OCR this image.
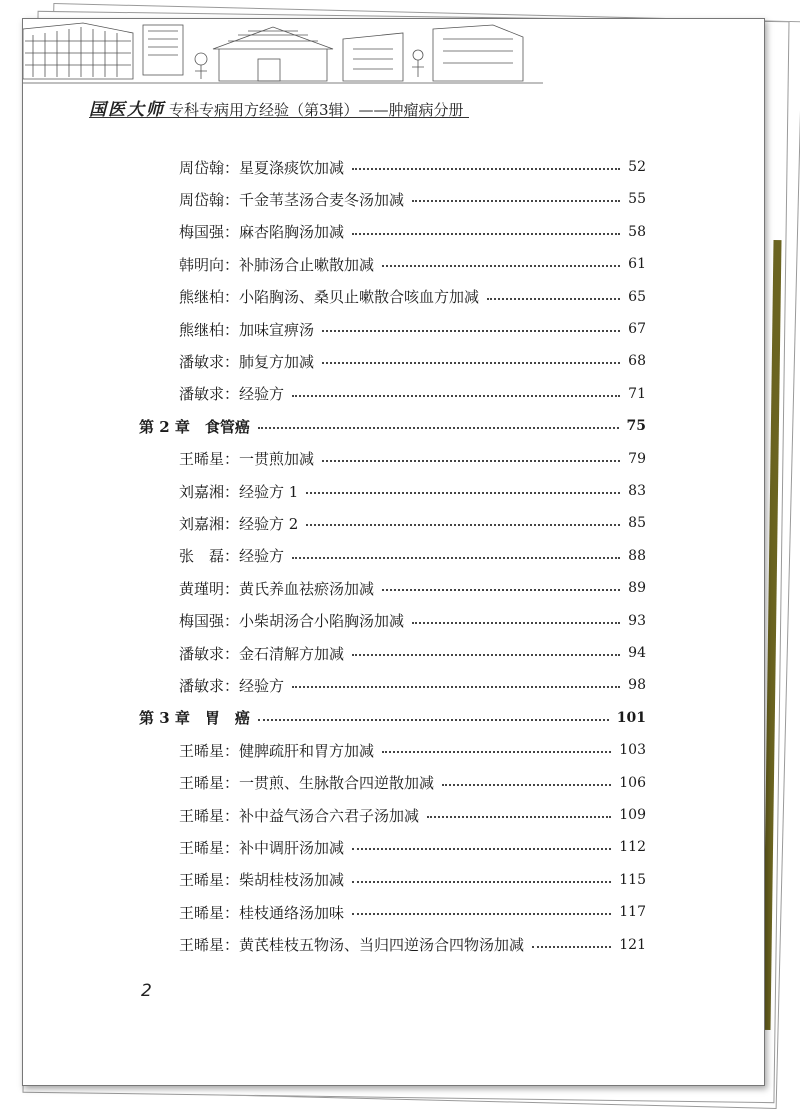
国医大师 专科专病用方经验（第3辑）——肿瘤病分册
周岱翰：星夏涤痰饮加减	52
周岱翰：千金苇茎汤合麦冬汤加减	55
梅国强：麻杏陷胸汤加减	58
韩明向：补肺汤合止嗽散加减	61
熊继柏：小陷胸汤、桑贝止嗽散合咳血方加减	65
熊继柏：加味宣痹汤	67
潘敏求：肺复方加减	68
潘敏求：经验方	71
第 2 章　食管癌	75
王晞星：一贯煎加减	79
刘嘉湘：经验方 1	83
刘嘉湘：经验方 2	85
张　磊：经验方	88
黄瑾明：黄氏养血祛瘀汤加减	89
梅国强：小柴胡汤合小陷胸汤加减	93
潘敏求：金石清解方加减	94
潘敏求：经验方	98
第 3 章　胃　癌	101
王晞星：健脾疏肝和胃方加减	103
王晞星：一贯煎、生脉散合四逆散加减	106
王晞星：补中益气汤合六君子汤加减	109
王晞星：补中调肝汤加减	112
王晞星：柴胡桂枝汤加减	115
王晞星：桂枝通络汤加味	117
王晞星：黄芪桂枝五物汤、当归四逆汤合四物汤加减	121
2
